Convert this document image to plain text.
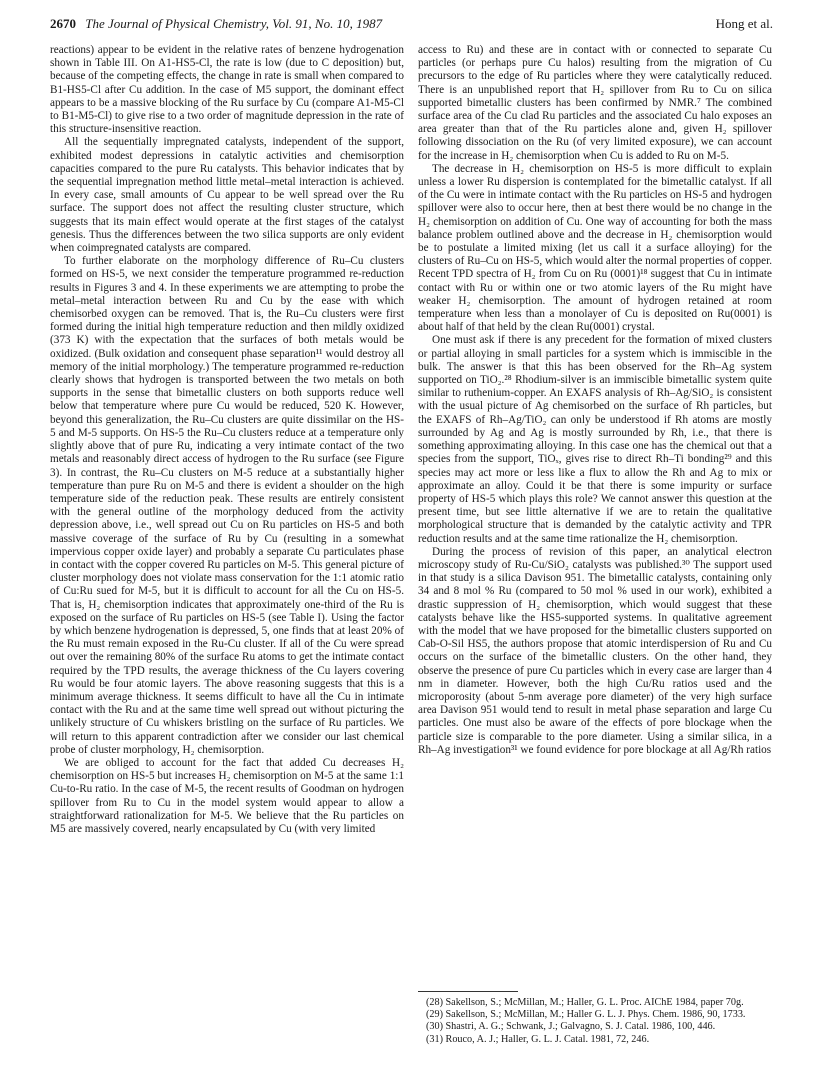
2670 The Journal of Physical Chemistry, Vol. 91, No. 10, 1987	Hong et al.

reactions) appear to be evident in the relative rates of benzene hydrogenation shown in Table III. On A1-HS5-Cl, the rate is low (due to C deposition) but, because of the competing effects, the change in rate is small when compared to B1-HS5-Cl after Cu addition. In the case of M5 support, the dominant effect appears to be a massive blocking of the Ru surface by Cu (compare A1-M5-Cl to B1-M5-Cl) to give rise to a two order of magnitude depression in the rate of this structure-insensitive reaction.

All the sequentially impregnated catalysts, independent of the support, exhibited modest depressions in catalytic activities and chemisorption capacities compared to the pure Ru catalysts. This behavior indicates that by the sequential impregnation method little metal–metal interaction is achieved. In every case, small amounts of Cu appear to be well spread over the Ru surface. The support does not affect the resulting cluster structure, which suggests that its main effect would operate at the first stages of the catalyst genesis. Thus the differences between the two silica supports are only evident when coimpregnated catalysts are compared.

To further elaborate on the morphology difference of Ru–Cu clusters formed on HS-5, we next consider the temperature programmed re-reduction results in Figures 3 and 4. In these experiments we are attempting to probe the metal–metal interaction between Ru and Cu by the ease with which chemisorbed oxygen can be removed. That is, the Ru–Cu clusters were first formed during the initial high temperature reduction and then mildly oxidized (373 K) with the expectation that the surfaces of both metals would be oxidized. (Bulk oxidation and consequent phase separation¹¹ would destroy all memory of the initial morphology.) The temperature programmed re-reduction clearly shows that hydrogen is transported between the two metals on both supports in the sense that bimetallic clusters on both supports reduce well below that temperature where pure Cu would be reduced, 520 K. However, beyond this generalization, the Ru–Cu clusters are quite dissimilar on the HS-5 and M-5 supports. On HS-5 the Ru–Cu clusters reduce at a temperature only slightly above that of pure Ru, indicating a very intimate contact of the two metals and reasonably direct access of hydrogen to the Ru surface (see Figure 3). In contrast, the Ru–Cu clusters on M-5 reduce at a substantially higher temperature than pure Ru on M-5 and there is evident a shoulder on the high temperature side of the reduction peak. These results are entirely consistent with the general outline of the morphology deduced from the activity depression above, i.e., well spread out Cu on Ru particles on HS-5 and both massive coverage of the surface of Ru by Cu (resulting in a somewhat impervious copper oxide layer) and probably a separate Cu particulates phase in contact with the copper covered Ru particles on M-5. This general picture of cluster morphology does not violate mass conservation for the 1:1 atomic ratio of Cu:Ru sued for M-5, but it is difficult to account for all the Cu on HS-5. That is, H₂ chemisorption indicates that approximately one-third of the Ru is exposed on the surface of Ru particles on HS-5 (see Table I). Using the factor by which benzene hydrogenation is depressed, 5, one finds that at least 20% of the Ru must remain exposed in the Ru-Cu cluster. If all of the Cu were spread out over the remaining 80% of the surface Ru atoms to get the intimate contact required by the TPD results, the average thickness of the Cu layers covering Ru would be four atomic layers. The above reasoning suggests that this is a minimum average thickness. It seems difficult to have all the Cu in intimate contact with the Ru and at the same time well spread out without picturing the unlikely structure of Cu whiskers bristling on the surface of Ru particles. We will return to this apparent contradiction after we consider our last chemical probe of cluster morphology, H₂ chemisorption.

We are obliged to account for the fact that added Cu decreases H₂ chemisorption on HS-5 but increases H₂ chemisorption on M-5 at the same 1:1 Cu-to-Ru ratio. In the case of M-5, the recent results of Goodman on hydrogen spillover from Ru to Cu in the model system would appear to allow a straightforward rationalization for M-5. We believe that the Ru particles on M5 are massively covered, nearly encapsulated by Cu (with very limited

access to Ru) and these are in contact with or connected to separate Cu particles (or perhaps pure Cu halos) resulting from the migration of Cu precursors to the edge of Ru particles where they were catalytically reduced. There is an unpublished report that H₂ spillover from Ru to Cu on silica supported bimetallic clusters has been confirmed by NMR.⁷ The combined surface area of the Cu clad Ru particles and the associated Cu halo exposes an area greater than that of the Ru particles alone and, given H₂ spillover following dissociation on the Ru (of very limited exposure), we can account for the increase in H₂ chemisorption when Cu is added to Ru on M-5.

The decrease in H₂ chemisorption on HS-5 is more difficult to explain unless a lower Ru dispersion is contemplated for the bimetallic catalyst. If all of the Cu were in intimate contact with the Ru particles on HS-5 and hydrogen spillover were also to occur here, then at best there would be no change in the H₂ chemisorption on addition of Cu. One way of accounting for both the mass balance problem outlined above and the decrease in H₂ chemisorption would be to postulate a limited mixing (let us call it a surface alloying) for the clusters of Ru–Cu on HS-5, which would alter the normal properties of copper. Recent TPD spectra of H₂ from Cu on Ru (0001)¹⁸ suggest that Cu in intimate contact with Ru or within one or two atomic layers of the Ru might have weaker H₂ chemisorption. The amount of hydrogen retained at room temperature when less than a monolayer of Cu is deposited on Ru(0001) is about half of that held by the clean Ru(0001) crystal.

One must ask if there is any precedent for the formation of mixed clusters or partial alloying in small particles for a system which is immiscible in the bulk. The answer is that this has been observed for the Rh–Ag system supported on TiO₂.²⁸ Rhodium-silver is an immiscible bimetallic system quite similar to ruthenium-copper. An EXAFS analysis of Rh–Ag/SiO₂ is consistent with the usual picture of Ag chemisorbed on the surface of Rh particles, but the EXAFS of Rh–Ag/TiO₂ can only be understood if Rh atoms are mostly surrounded by Ag and Ag is mostly surrounded by Rh, i.e., that there is something approximating alloying. In this case one has the chemical out that a species from the support, TiOₓ, gives rise to direct Rh–Ti bonding²⁹ and this species may act more or less like a flux to allow the Rh and Ag to mix or approximate an alloy. Could it be that there is some impurity or surface property of HS-5 which plays this role? We cannot answer this question at the present time, but see little alternative if we are to retain the qualitative morphological structure that is demanded by the catalytic activity and TPR reduction results and at the same time rationalize the H₂ chemisorption.

During the process of revision of this paper, an analytical electron microscopy study of Ru-Cu/SiO₂ catalysts was published.³⁰ The support used in that study is a silica Davison 951. The bimetallic catalysts, containing only 34 and 8 mol % Ru (compared to 50 mol % used in our work), exhibited a drastic suppression of H₂ chemisorption, which would suggest that these catalysts behave like the HS5-supported systems. In qualitative agreement with the model that we have proposed for the bimetallic clusters supported on Cab-O-Sil HS5, the authors propose that atomic interdispersion of Ru and Cu occurs on the surface of the bimetallic clusters. On the other hand, they observe the presence of pure Cu particles which in every case are larger than 4 nm in diameter. However, both the high Cu/Ru ratios used and the microporosity (about 5-nm average pore diameter) of the very high surface area Davison 951 would tend to result in metal phase separation and large Cu particles. One must also be aware of the effects of pore blockage when the particle size is comparable to the pore diameter. Using a similar silica, in a Rh–Ag investigation³¹ we found evidence for pore blockage at all Ag/Rh ratios

(28) Sakellson, S.; McMillan, M.; Haller, G. L. Proc. AIChE 1984, paper 70g.

(29) Sakellson, S.; McMillan, M.; Haller G. L. J. Phys. Chem. 1986, 90, 1733.

(30) Shastri, A. G.; Schwank, J.; Galvagno, S. J. Catal. 1986, 100, 446.

(31) Rouco, A. J.; Haller, G. L. J. Catal. 1981, 72, 246.
